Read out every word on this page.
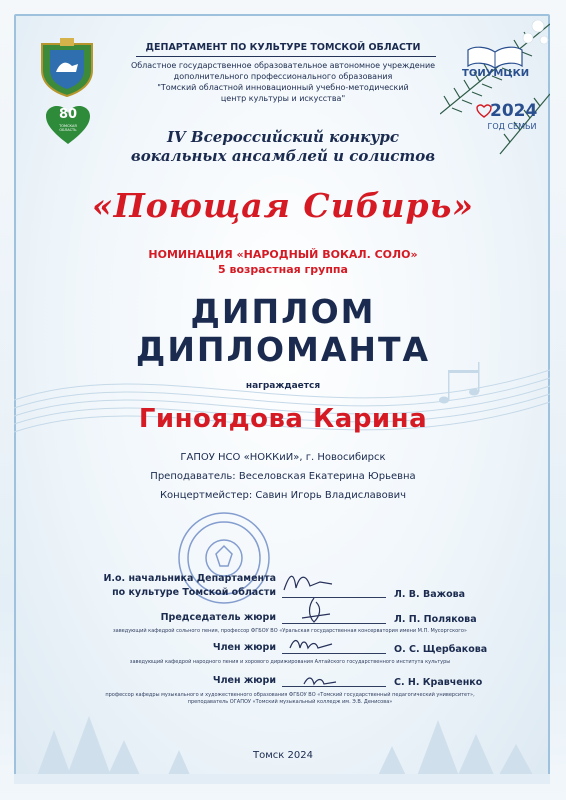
80
ТОМСКАЯ ОБЛАСТЬ
ТОИУМЦКИ
2024
ГОД СЕМЬИ
ДЕПАРТАМЕНТ ПО КУЛЬТУРЕ ТОМСКОЙ ОБЛАСТИ
Областное государственное образовательное автономное учреждение
дополнительного профессионального образования
"Томский областной инновационный учебно-методический
центр культуры и искусства"
IV Всероссийский конкурс
вокальных ансамблей и солистов
«Поющая Сибирь»
НОМИНАЦИЯ «НАРОДНЫЙ ВОКАЛ. СОЛО»
5 возрастная группа
ДИПЛОМ
ДИПЛОМАНТА
награждается
Гиноядова Карина
ГАПОУ НСО «НОККиИ», г. Новосибирск
Преподаватель: Веселовская Екатерина Юрьевна
Концертмейстер: Савин Игорь Владиславович
И.о. начальника Департамента
по культуре Томской области	Л. В. Важова
Председатель жюри	Л. П. Полякова
заведующий кафедрой сольного пения, профессор ФГБОУ ВО «Уральская государственная консерватория имени М.П. Мусоргского»
Член жюри	О. С. Щербакова
заведующий кафедрой народного пения и хорового дирижирования Алтайского государственного института культуры
Член жюри	С. Н. Кравченко
профессор кафедры музыкального и художественного образования ФГБОУ ВО «Томский государственный педагогический университет», преподаватель ОГАПОУ «Томский музыкальный колледж им. Э.В. Денисова»
Томск 2024
